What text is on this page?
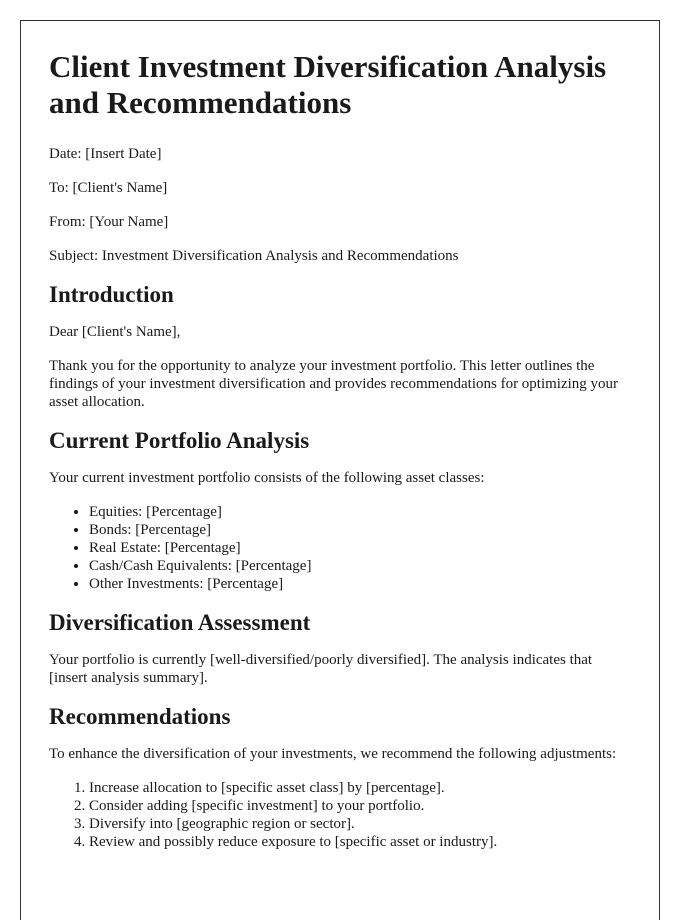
Client Investment Diversification Analysis and Recommendations

Date: [Insert Date]

To: [Client's Name]

From: [Your Name]

Subject: Investment Diversification Analysis and Recommendations

Introduction

Dear [Client's Name],

Thank you for the opportunity to analyze your investment portfolio. This letter outlines the findings of your investment diversification and provides recommendations for optimizing your asset allocation.

Current Portfolio Analysis

Your current investment portfolio consists of the following asset classes:

• Equities: [Percentage]
• Bonds: [Percentage]
• Real Estate: [Percentage]
• Cash/Cash Equivalents: [Percentage]
• Other Investments: [Percentage]
Diversification Assessment

Your portfolio is currently [well-diversified/poorly diversified]. The analysis indicates that [insert analysis summary].

Recommendations

To enhance the diversification of your investments, we recommend the following adjustments:

1. Increase allocation to [specific asset class] by [percentage].
2. Consider adding [specific investment] to your portfolio.
3. Diversify into [geographic region or sector].
4. Review and possibly reduce exposure to [specific asset or industry].
